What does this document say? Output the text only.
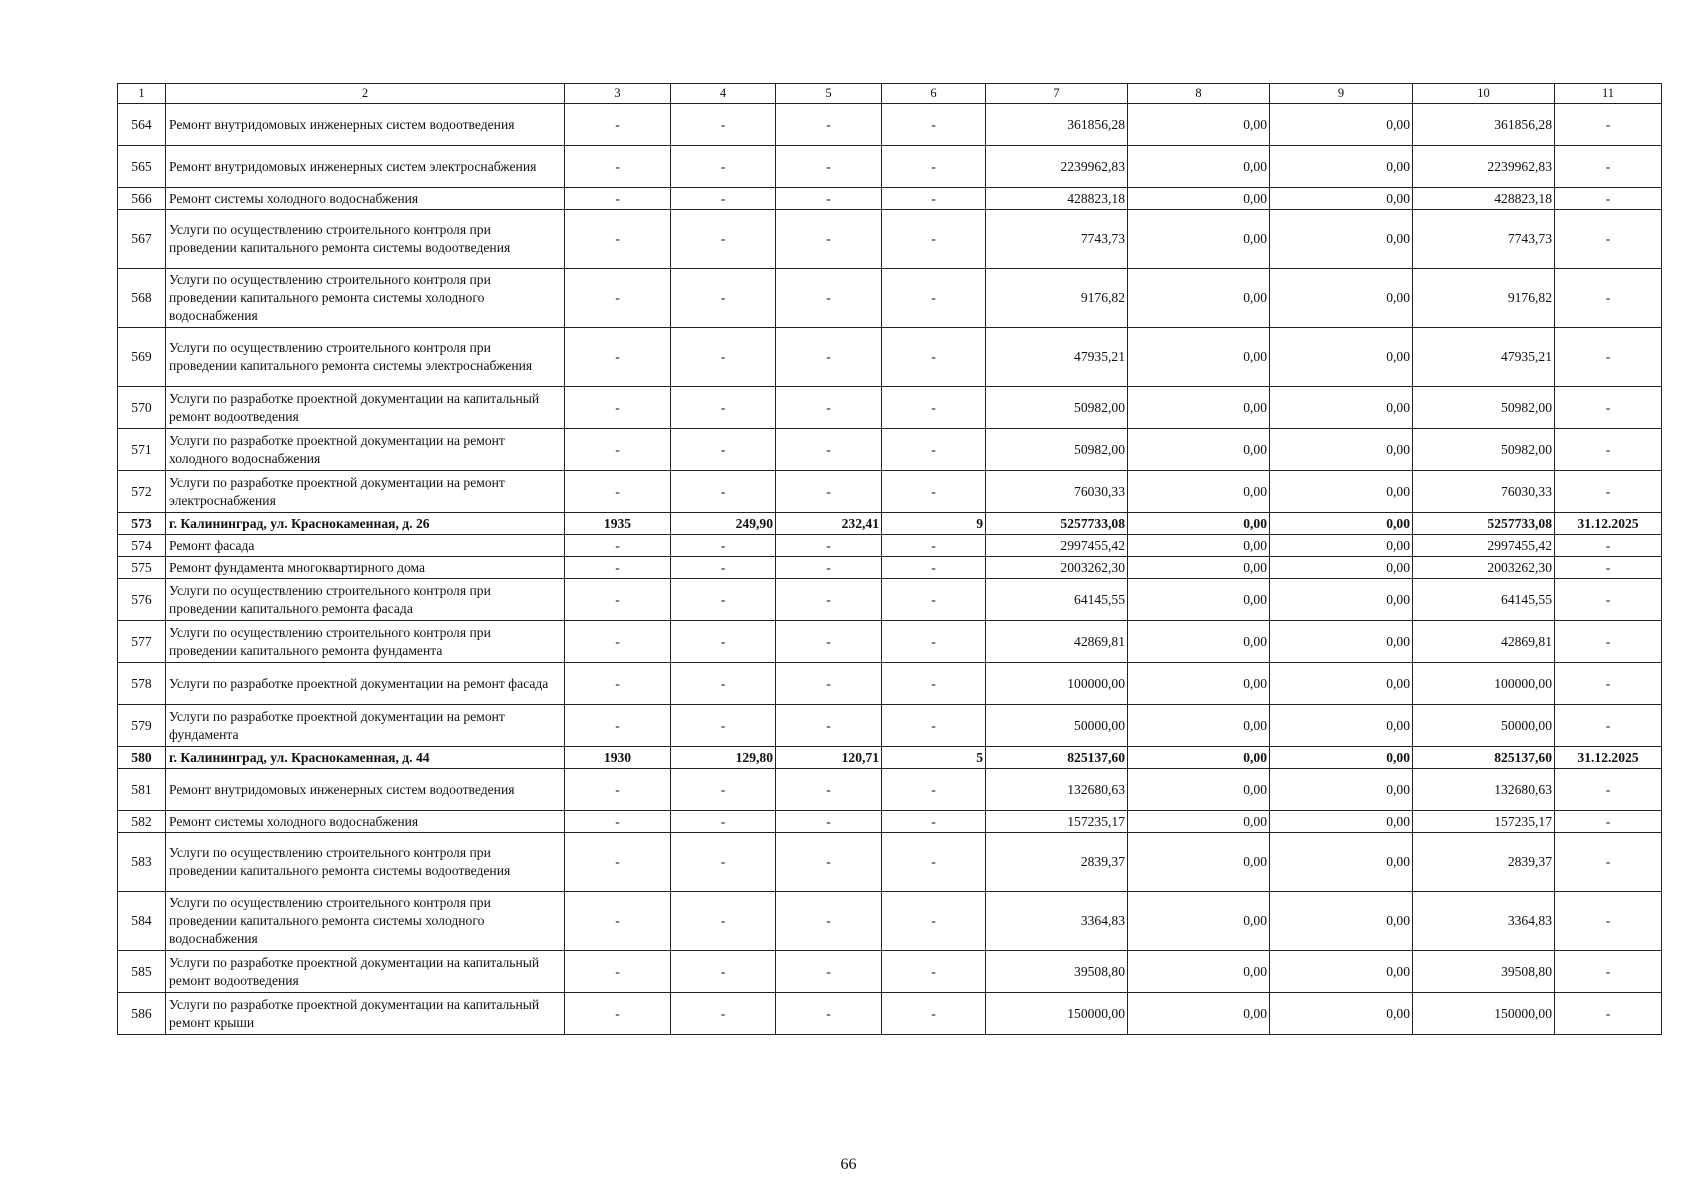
1	2	3	4	5	6	7	8	9	10	11
564	Ремонт внутридомовых инженерных систем водоотведения	-	-	-	-	361856,28	0,00	0,00	361856,28	-
565	Ремонт внутридомовых инженерных систем электроснабжения	-	-	-	-	2239962,83	0,00	0,00	2239962,83	-
566	Ремонт системы холодного водоснабжения	-	-	-	-	428823,18	0,00	0,00	428823,18	-
567	Услуги по осуществлению строительного контроля при проведении капитального ремонта системы водоотведения	-	-	-	-	7743,73	0,00	0,00	7743,73	-
568	Услуги по осуществлению строительного контроля при проведении капитального ремонта системы холодного водоснабжения	-	-	-	-	9176,82	0,00	0,00	9176,82	-
569	Услуги по осуществлению строительного контроля при проведении капитального ремонта системы электроснабжения	-	-	-	-	47935,21	0,00	0,00	47935,21	-
570	Услуги по разработке проектной документации на капитальный ремонт водоотведения	-	-	-	-	50982,00	0,00	0,00	50982,00	-
571	Услуги по разработке проектной документации на ремонт холодного водоснабжения	-	-	-	-	50982,00	0,00	0,00	50982,00	-
572	Услуги по разработке проектной документации на ремонт электроснабжения	-	-	-	-	76030,33	0,00	0,00	76030,33	-
573	г. Калининград, ул. Краснокаменная, д. 26	1935	249,90	232,41	9	5257733,08	0,00	0,00	5257733,08	31.12.2025
574	Ремонт фасада	-	-	-	-	2997455,42	0,00	0,00	2997455,42	-
575	Ремонт фундамента многоквартирного дома	-	-	-	-	2003262,30	0,00	0,00	2003262,30	-
576	Услуги по осуществлению строительного контроля при проведении капитального ремонта фасада	-	-	-	-	64145,55	0,00	0,00	64145,55	-
577	Услуги по осуществлению строительного контроля при проведении капитального ремонта фундамента	-	-	-	-	42869,81	0,00	0,00	42869,81	-
578	Услуги по разработке проектной документации на ремонт фасада	-	-	-	-	100000,00	0,00	0,00	100000,00	-
579	Услуги по разработке проектной документации на ремонт фундамента	-	-	-	-	50000,00	0,00	0,00	50000,00	-
580	г. Калининград, ул. Краснокаменная, д. 44	1930	129,80	120,71	5	825137,60	0,00	0,00	825137,60	31.12.2025
581	Ремонт внутридомовых инженерных систем водоотведения	-	-	-	-	132680,63	0,00	0,00	132680,63	-
582	Ремонт системы холодного водоснабжения	-	-	-	-	157235,17	0,00	0,00	157235,17	-
583	Услуги по осуществлению строительного контроля при проведении капитального ремонта системы водоотведения	-	-	-	-	2839,37	0,00	0,00	2839,37	-
584	Услуги по осуществлению строительного контроля при проведении капитального ремонта системы холодного водоснабжения	-	-	-	-	3364,83	0,00	0,00	3364,83	-
585	Услуги по разработке проектной документации на капитальный ремонт водоотведения	-	-	-	-	39508,80	0,00	0,00	39508,80	-
586	Услуги по разработке проектной документации на капитальный ремонт крыши	-	-	-	-	150000,00	0,00	0,00	150000,00	-
66
